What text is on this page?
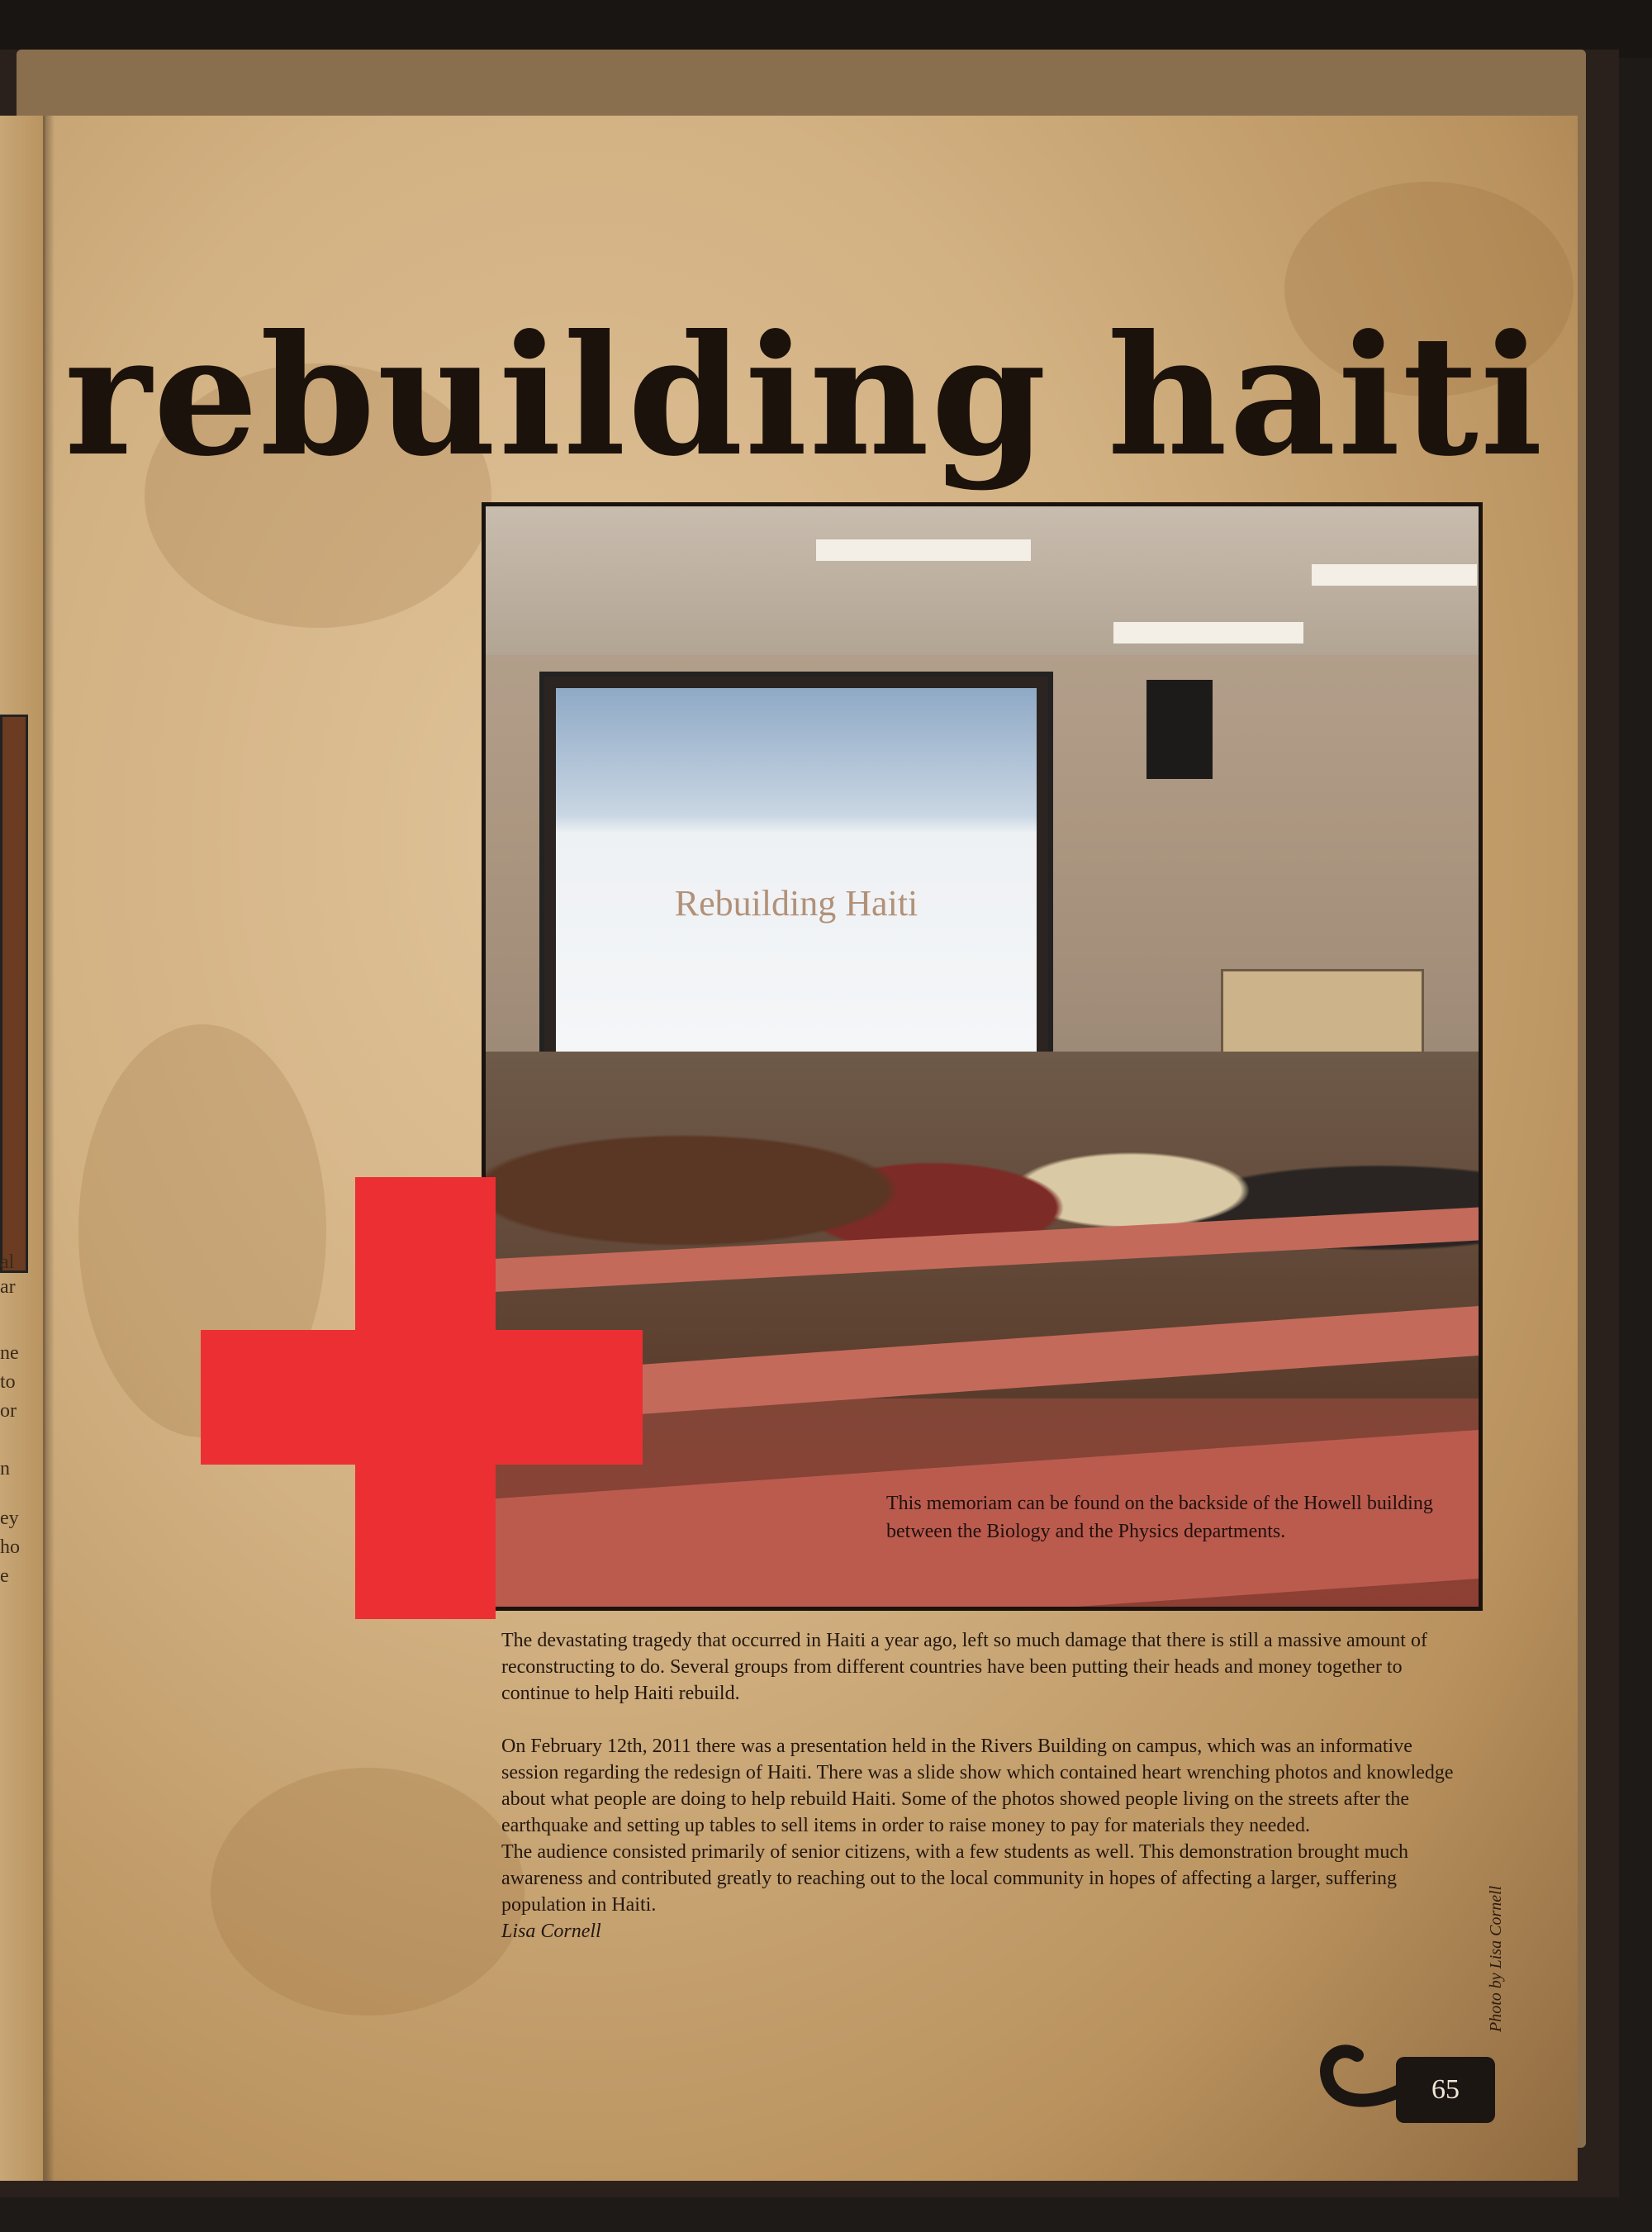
al
ar
ne
to
or
n
ey
ho
e
rebuilding haiti
Rebuilding Haiti

This memoriam can be found on the backside of the Howell building between the Biology and the Physics departments.

The devastating tragedy that occurred in Haiti a year ago, left so much damage that there is still a massive amount of reconstructing to do. Several groups from different countries have been putting their heads and money together to continue to help Haiti rebuild.

On February 12th, 2011 there was a presentation held in the Rivers Building on campus, which was an informative session regarding the redesign of Haiti. There was a slide show which contained heart wrenching photos and knowledge about what people are doing to help rebuild Haiti. Some of the photos showed people living on the streets after the earthquake and setting up tables to sell items in order to raise money to pay for materials they needed.

The audience consisted primarily of senior citizens, with a few students as well. This demonstration brought much awareness and contributed greatly to reaching out to the local community in hopes of affecting a larger, suffering population in Haiti.

Lisa Cornell	Photo by Lisa Cornell
65
